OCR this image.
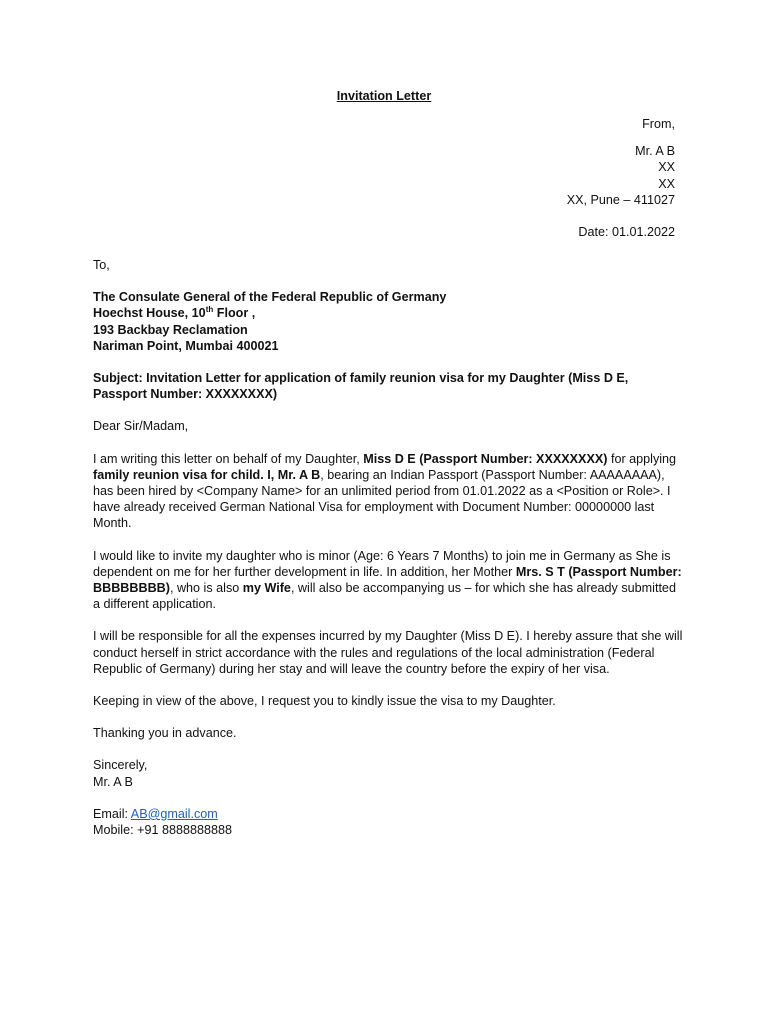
Invitation Letter
From,
Mr. A B
XX
XX
XX, Pune – 411027
Date: 01.01.2022

To,

The Consulate General of the Federal Republic of Germany
Hoechst House, 10th Floor ,
193 Backbay Reclamation
Nariman Point, Mumbai 400021

Subject: Invitation Letter for application of family reunion visa for my Daughter (Miss D E, Passport Number: XXXXXXXX)

Dear Sir/Madam,

I am writing this letter on behalf of my Daughter, Miss D E (Passport Number: XXXXXXXX) for applying family reunion visa for child. I, Mr. A B, bearing an Indian Passport (Passport Number: AAAAAAAA), has been hired by <Company Name> for an unlimited period from 01.01.2022 as a <Position or Role>. I have already received German National Visa for employment with Document Number: 00000000 last Month.

I would like to invite my daughter who is minor (Age: 6 Years 7 Months) to join me in Germany as She is dependent on me for her further development in life. In addition, her Mother Mrs. S T (Passport Number: BBBBBBBB), who is also my Wife, will also be accompanying us – for which she has already submitted a different application.

I will be responsible for all the expenses incurred by my Daughter (Miss D E). I hereby assure that she will conduct herself in strict accordance with the rules and regulations of the local administration (Federal Republic of Germany) during her stay and will leave the country before the expiry of her visa.

Keeping in view of the above, I request you to kindly issue the visa to my Daughter.

Thanking you in advance.

Sincerely,
Mr. A B

Email: AB@gmail.com
Mobile: +91 8888888888
